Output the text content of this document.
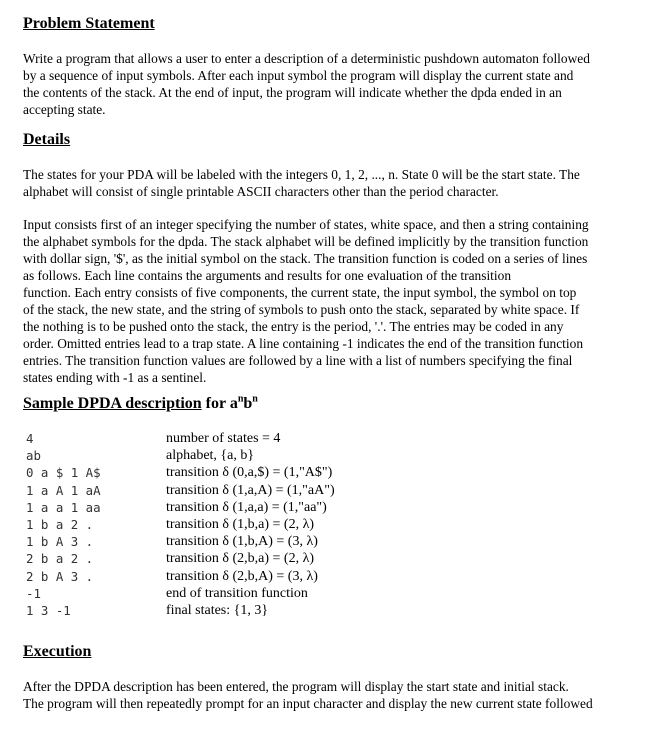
Problem Statement
Write a program that allows a user to enter a description of a deterministic pushdown automaton followed
by a sequence of input symbols. After each input symbol the program will display the current state and
the contents of the stack. At the end of input, the program will indicate whether the dpda ended in an
accepting state.
Details
The states for your PDA will be labeled with the integers 0, 1, 2, ..., n. State 0 will be the start state. The
alphabet will consist of single printable ASCII characters other than the period character.
Input consists first of an integer specifying the number of states, white space, and then a string containing
the alphabet symbols for the dpda. The stack alphabet will be defined implicitly by the transition function
with dollar sign, '$', as the initial symbol on the stack. The transition function is coded on a series of lines
as follows. Each line contains the arguments and results for one evaluation of the transition
function. Each entry consists of five components, the current state, the input symbol, the symbol on top
of the stack, the new state, and the string of symbols to push onto the stack, separated by white space. If
the nothing is to be pushed onto the stack, the entry is the period, '.'. The entries may be coded in any
order. Omitted entries lead to a trap state. A line containing -1 indicates the end of the transition function
entries. The transition function values are followed by a line with a list of numbers specifying the final
states ending with -1 as a sentinel.
Sample DPDA description for $a^nb^n$
4	number of states = 4
ab	alphabet, {a, b}
0 a $ 1 A$	transition δ (0,a,$) = (1,"A$")
1 a A 1 aA	transition δ (1,a,A) = (1,"aA")
1 a a 1 aa	transition δ (1,a,a) = (1,"aa")
1 b a 2 .	transition δ (1,b,a) = (2, λ)
1 b A 3 .	transition δ (1,b,A) = (3, λ)
2 b a 2 .	transition δ (2,b,a) = (2, λ)
2 b A 3 .	transition δ (2,b,A) = (3, λ)
-1	end of transition function
1 3 -1	final states: {1, 3}
Execution
After the DPDA description has been entered, the program will display the start state and initial stack.
The program will then repeatedly prompt for an input character and display the new current state followed
